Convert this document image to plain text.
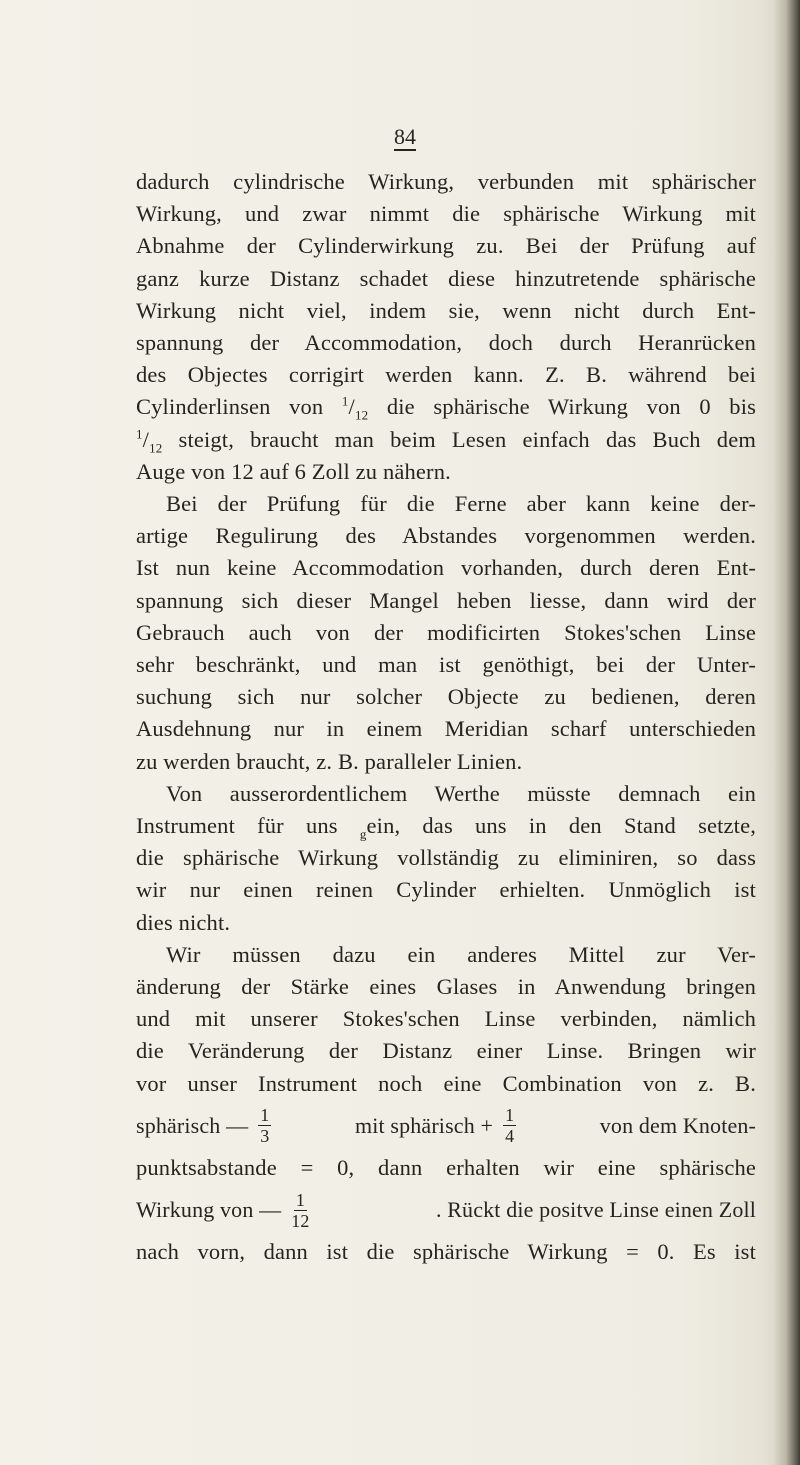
84
dadurch cylindrische Wirkung, verbunden mit sphärischer
Wirkung, und zwar nimmt die sphärische Wirkung mit
Abnahme der Cylinderwirkung zu. Bei der Prüfung auf
ganz kurze Distanz schadet diese hinzutretende sphärische
Wirkung nicht viel, indem sie, wenn nicht durch Ent-
spannung der Accommodation, doch durch Heranrücken
des Objectes corrigirt werden kann. Z. B. während bei
Cylinderlinsen von $^1/_{12}$ die sphärische Wirkung von 0 bis
$^1/_{12}$ steigt, braucht man beim Lesen einfach das Buch dem
Auge von 12 auf 6 Zoll zu nähern.
Bei der Prüfung für die Ferne aber kann keine der-
artige Regulirung des Abstandes vorgenommen werden.
Ist nun keine Accommodation vorhanden, durch deren Ent-
spannung sich dieser Mangel heben liesse, dann wird der
Gebrauch auch von der modificirten Stokes'schen Linse
sehr beschränkt, und man ist genöthigt, bei der Unter-
suchung sich nur solcher Objecte zu bedienen, deren
Ausdehnung nur in einem Meridian scharf unterschieden
zu werden braucht, z. B. paralleler Linien.
Von ausserordentlichem Werthe müsste demnach ein
Instrument für uns $_g$ein, das uns in den Stand setzte,
die sphärische Wirkung vollständig zu eliminiren, so dass
wir nur einen reinen Cylinder erhielten. Unmöglich ist
dies nicht.
Wir müssen dazu ein anderes Mittel zur Ver-
änderung der Stärke eines Glases in Anwendung bringen
und mit unserer Stokes'schen Linse verbinden, nämlich
die Veränderung der Distanz einer Linse. Bringen wir
vor unser Instrument noch eine Combination von z. B.
sphärisch — $\frac{1}{3}$	mit sphärisch + $\frac{1}{4}$	von dem Knoten-
punktsabstande = 0, dann erhalten wir eine sphärische
Wirkung von — $\frac{1}{12}$	. Rückt die positve Linse einen Zoll
nach vorn, dann ist die sphärische Wirkung = 0. Es ist
